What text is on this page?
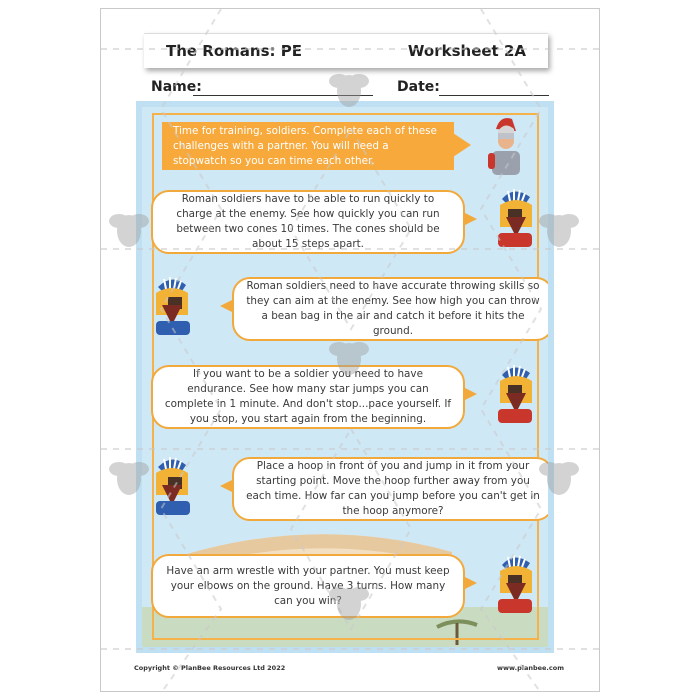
The Romans: PE	Worksheet 2A
Name:	Date:
Time for training, soldiers. Complete each of these challenges with a partner. You will need a stopwatch so you can time each other.
Roman soldiers have to be able to run quickly to charge at the enemy. See how quickly you can run between two cones 10 times. The cones should be about 15 steps apart.
Roman soldiers need to have accurate throwing skills so they can aim at the enemy. See how high you can throw a bean bag in the air and catch it before it hits the ground.
If you want to be a soldier you need to have endurance. See how many star jumps you can complete in 1 minute. And don't stop...pace yourself. If you stop, you start again from the beginning.
Place a hoop in front of you and jump in it from your starting point. Move the hoop further away from you each time. How far can you jump before you can't get in the hoop anymore?
Have an arm wrestle with your partner. You must keep your elbows on the ground. Have 3 turns. How many can you win?
Copyright © PlanBee Resources Ltd 2022	www.planbee.com
